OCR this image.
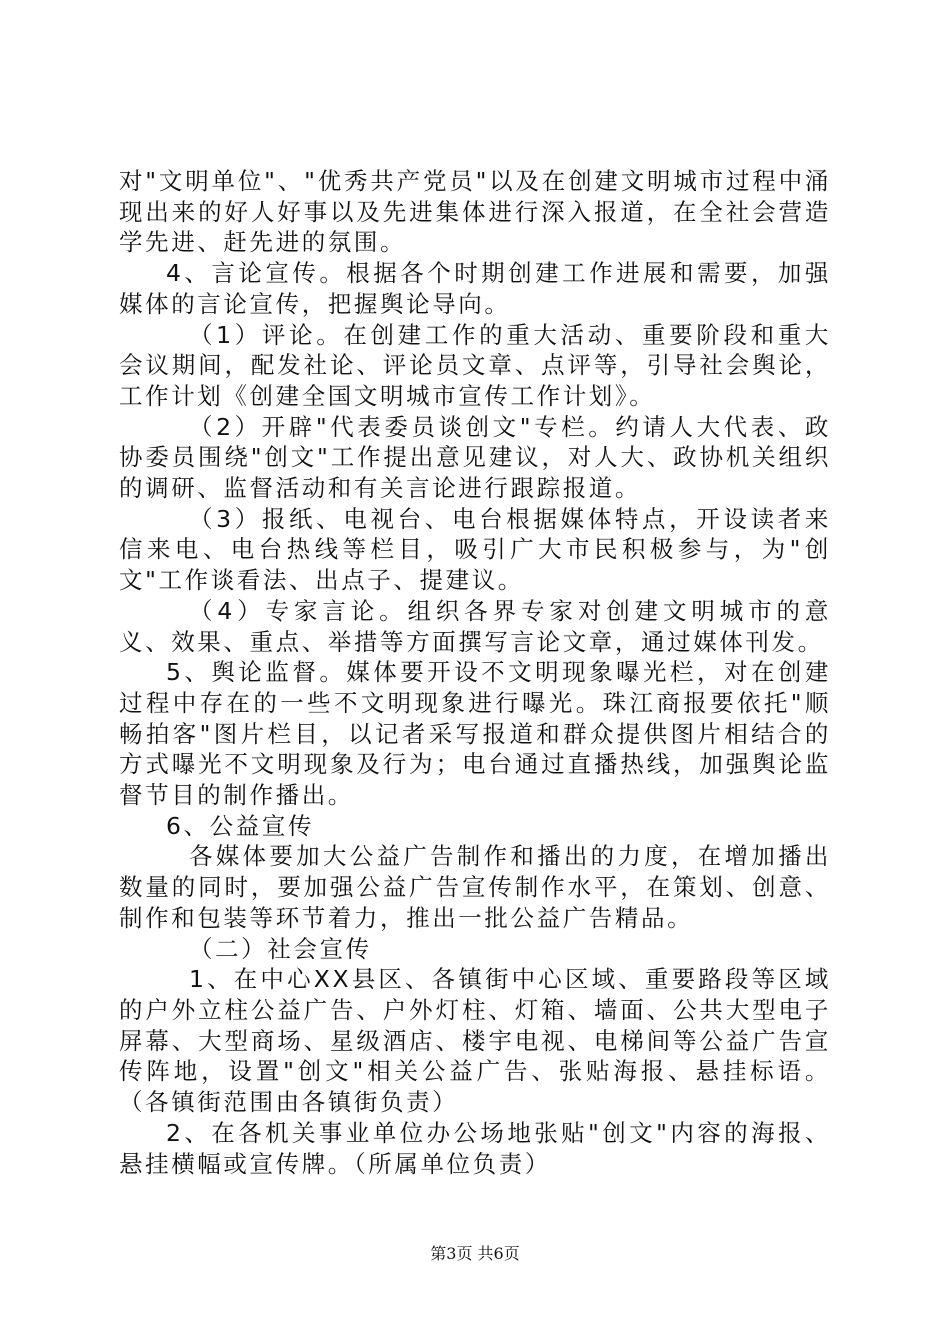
对"文明单位"、"优秀共产党员"以及在创建文明城市过程中涌现出来的好人好事以及先进集体进行深入报道，在全社会营造学先进、赶先进的氛围。

4、言论宣传。根据各个时期创建工作进展和需要，加强媒体的言论宣传，把握舆论导向。

（1）评论。在创建工作的重大活动、重要阶段和重大会议期间，配发社论、评论员文章、点评等，引导社会舆论，工作计划《创建全国文明城市宣传工作计划》。

（2）开辟"代表委员谈创文"专栏。约请人大代表、政协委员围绕"创文"工作提出意见建议，对人大、政协机关组织的调研、监督活动和有关言论进行跟踪报道。

（3）报纸、电视台、电台根据媒体特点，开设读者来信来电、电台热线等栏目，吸引广大市民积极参与，为"创文"工作谈看法、出点子、提建议。

（4）专家言论。组织各界专家对创建文明城市的意义、效果、重点、举措等方面撰写言论文章，通过媒体刊发。

5、舆论监督。媒体要开设不文明现象曝光栏，对在创建过程中存在的一些不文明现象进行曝光。珠江商报要依托"顺畅拍客"图片栏目，以记者采写报道和群众提供图片相结合的方式曝光不文明现象及行为；电台通过直播热线，加强舆论监督节目的制作播出。

6、公益宣传

各媒体要加大公益广告制作和播出的力度，在增加播出数量的同时，要加强公益广告宣传制作水平，在策划、创意、制作和包装等环节着力，推出一批公益广告精品。

（二）社会宣传

1、在中心XX县区、各镇街中心区域、重要路段等区域的户外立柱公益广告、户外灯柱、灯箱、墙面、公共大型电子屏幕、大型商场、星级酒店、楼宇电视、电梯间等公益广告宣传阵地，设置"创文"相关公益广告、张贴海报、悬挂标语。（各镇街范围由各镇街负责）

2、在各机关事业单位办公场地张贴"创文"内容的海报、悬挂横幅或宣传牌。（所属单位负责）

第3页 共6页
